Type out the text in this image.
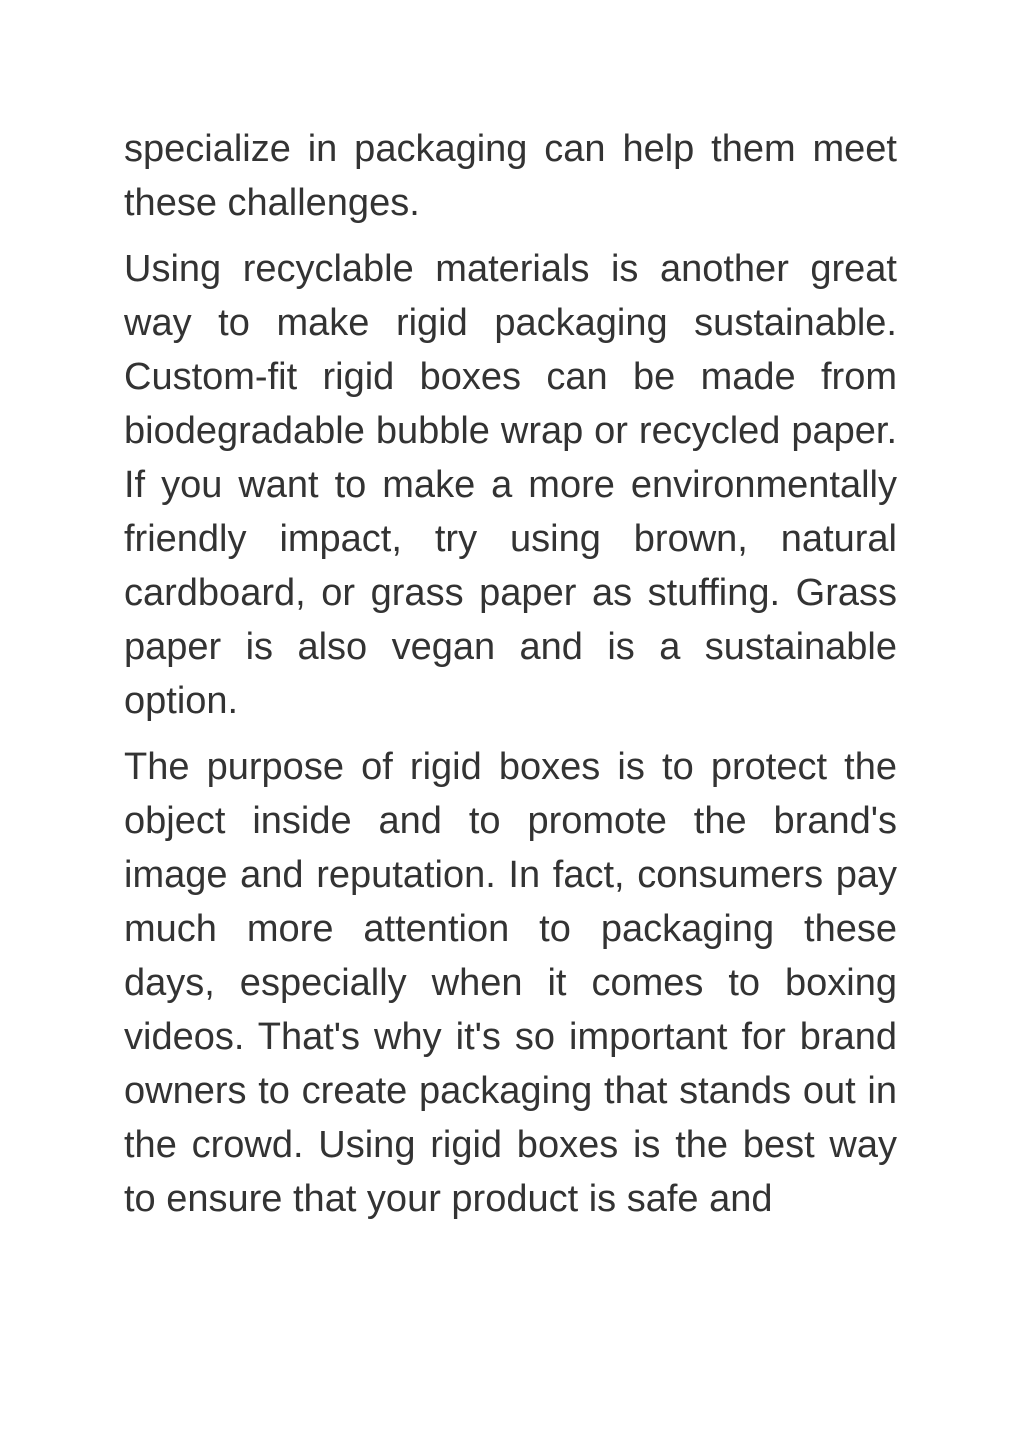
specialize in packaging can help them meet these challenges.

Using recyclable materials is another great way to make rigid packaging sustainable. Custom-fit rigid boxes can be made from biodegradable bubble wrap or recycled paper. If you want to make a more environmentally friendly impact, try using brown, natural cardboard, or grass paper as stuffing. Grass paper is also vegan and is a sustainable option.

The purpose of rigid boxes is to protect the object inside and to promote the brand's image and reputation. In fact, consumers pay much more attention to packaging these days, especially when it comes to boxing videos. That's why it's so important for brand owners to create packaging that stands out in the crowd. Using rigid boxes is the best way to ensure that your product is safe and
